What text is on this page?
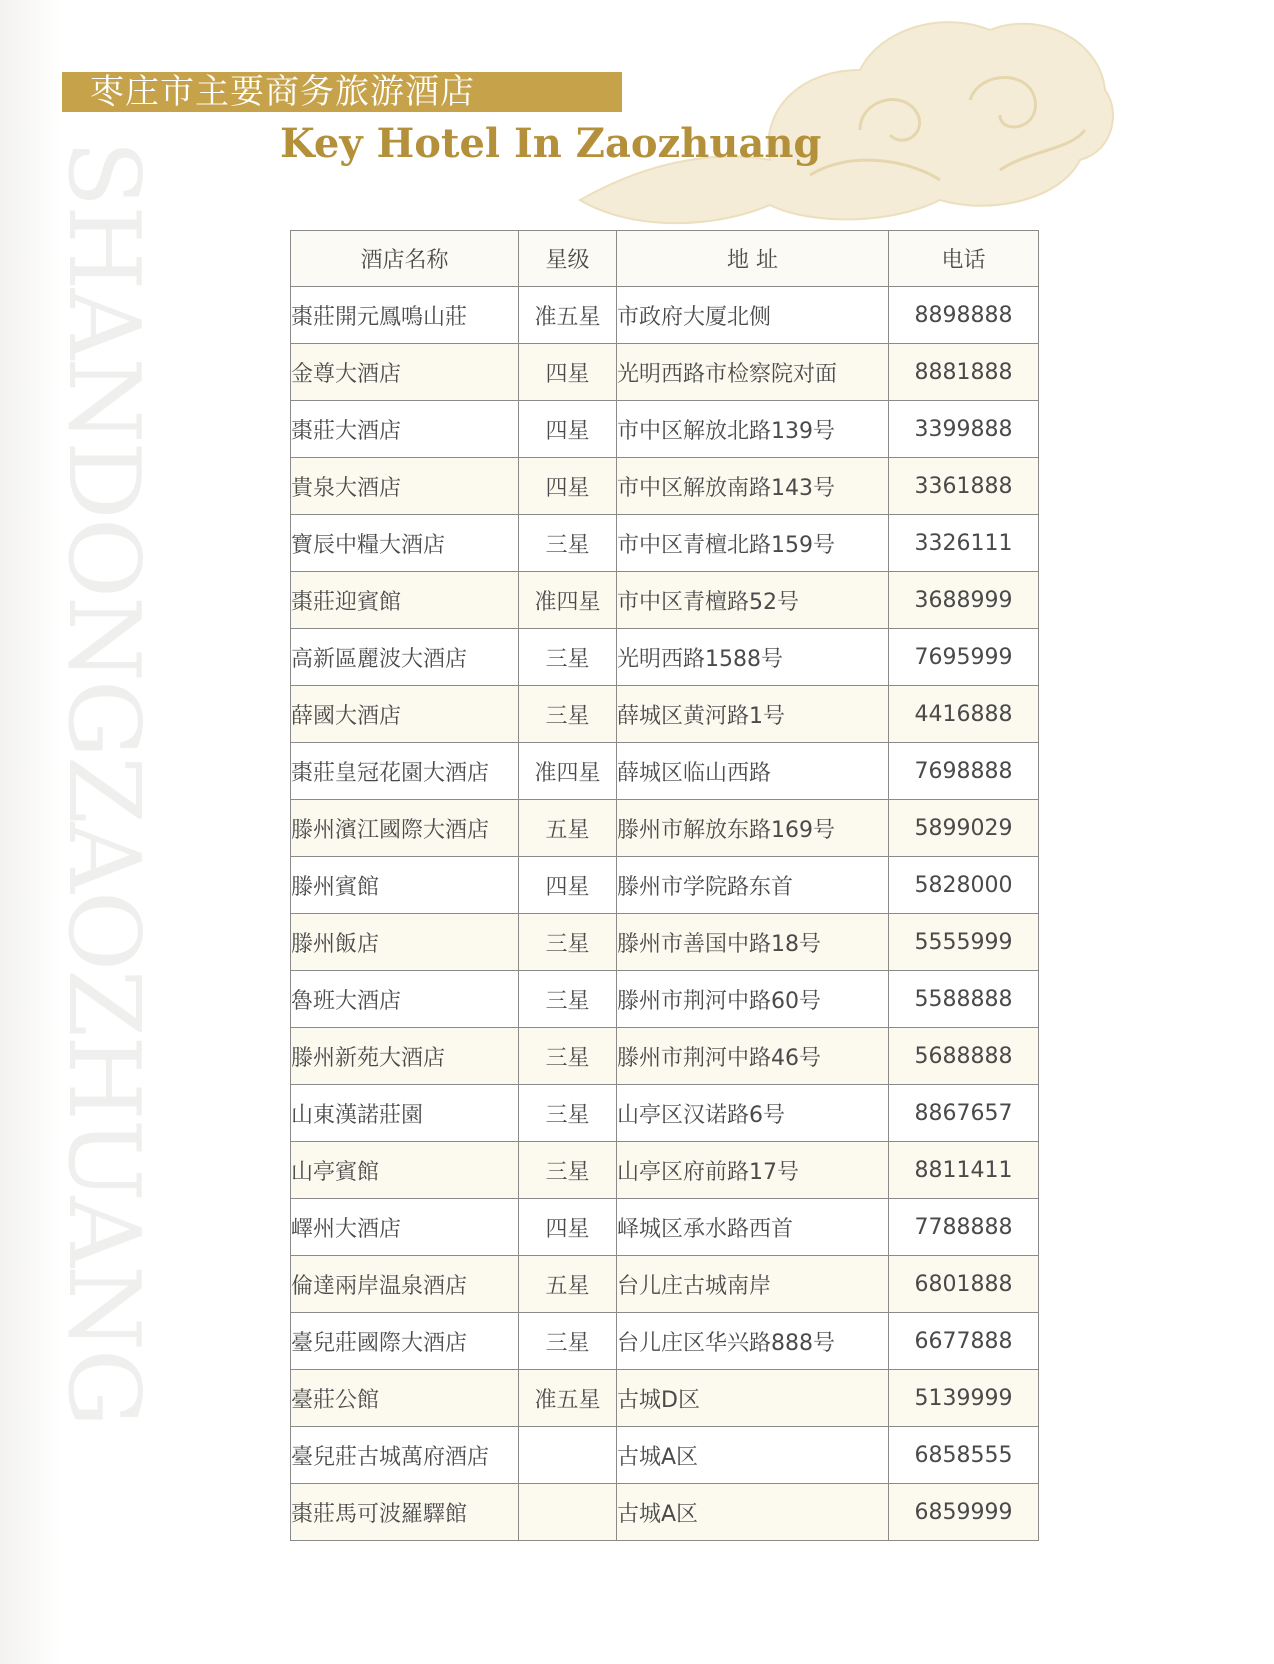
SHANDONGZAOZHUANG
枣庄市主要商务旅游酒店
Key Hotel In Zaozhuang
酒店名称	星级	地 址	电话
棗莊開元鳳鳴山莊	准五星	市政府大厦北侧	8898888
金尊大酒店	四星	光明西路市检察院对面	8881888
棗莊大酒店	四星	市中区解放北路139号	3399888
貴泉大酒店	四星	市中区解放南路143号	3361888
寶辰中糧大酒店	三星	市中区青檀北路159号	3326111
棗莊迎賓館	准四星	市中区青檀路52号	3688999
高新區麗波大酒店	三星	光明西路1588号	7695999
薛國大酒店	三星	薛城区黄河路1号	4416888
棗莊皇冠花園大酒店	准四星	薛城区临山西路	7698888
滕州濱江國際大酒店	五星	滕州市解放东路169号	5899029
滕州賓館	四星	滕州市学院路东首	5828000
滕州飯店	三星	滕州市善国中路18号	5555999
魯班大酒店	三星	滕州市荆河中路60号	5588888
滕州新苑大酒店	三星	滕州市荆河中路46号	5688888
山東漢諾莊園	三星	山亭区汉诺路6号	8867657
山亭賓館	三星	山亭区府前路17号	8811411
嶧州大酒店	四星	峄城区承水路西首	7788888
倫達兩岸温泉酒店	五星	台儿庄古城南岸	6801888
臺兒莊國際大酒店	三星	台儿庄区华兴路888号	6677888
臺莊公館	准五星	古城D区	5139999
臺兒莊古城萬府酒店		古城A区	6858555
棗莊馬可波羅驛館		古城A区	6859999
